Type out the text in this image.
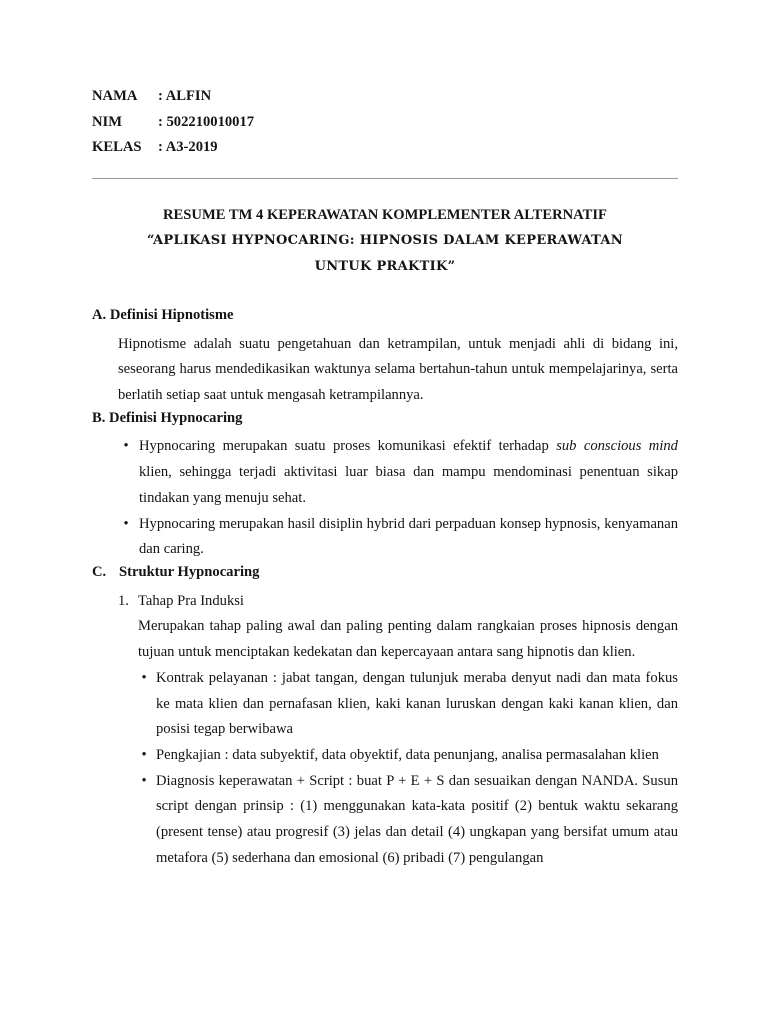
NAMA : ALFIN
NIM : 502210010017
KELAS : A3-2019
RESUME TM 4 KEPERAWATAN KOMPLEMENTER ALTERNATIF
“APLIKASI HYPNOCARING: HIPNOSIS DALAM KEPERAWATAN
UNTUK PRAKTIK”
A. Definisi Hipnotisme
Hipnotisme adalah suatu pengetahuan dan ketrampilan, untuk menjadi ahli di bidang ini, seseorang harus mendedikasikan waktunya selama bertahun-tahun untuk mempelajarinya, serta berlatih setiap saat untuk mengasah ketrampilannya.
B. Definisi Hypnocaring
• Hypnocaring merupakan suatu proses komunikasi efektif terhadap sub conscious mind klien, sehingga terjadi aktivitasi luar biasa dan mampu mendominasi penentuan sikap tindakan yang menuju sehat.
• Hypnocaring merupakan hasil disiplin hybrid dari perpaduan konsep hypnosis, kenyamanan dan caring.
C. Struktur Hypnocaring
1. Tahap Pra Induksi
Merupakan tahap paling awal dan paling penting dalam rangkaian proses hipnosis dengan tujuan untuk menciptakan kedekatan dan kepercayaan antara sang hipnotis dan klien.
• Kontrak pelayanan : jabat tangan, dengan tulunjuk meraba denyut nadi dan mata fokus ke mata klien dan pernafasan klien, kaki kanan luruskan dengan kaki kanan klien, dan posisi tegap berwibawa
• Pengkajian : data subyektif, data obyektif, data penunjang, analisa permasalahan klien
• Diagnosis keperawatan + Script : buat P + E + S dan sesuaikan dengan NANDA. Susun script dengan prinsip : (1) menggunakan kata-kata positif (2) bentuk waktu sekarang (present tense) atau progresif (3) jelas dan detail (4) ungkapan yang bersifat umum atau metafora (5) sederhana dan emosional (6) pribadi (7) pengulangan
